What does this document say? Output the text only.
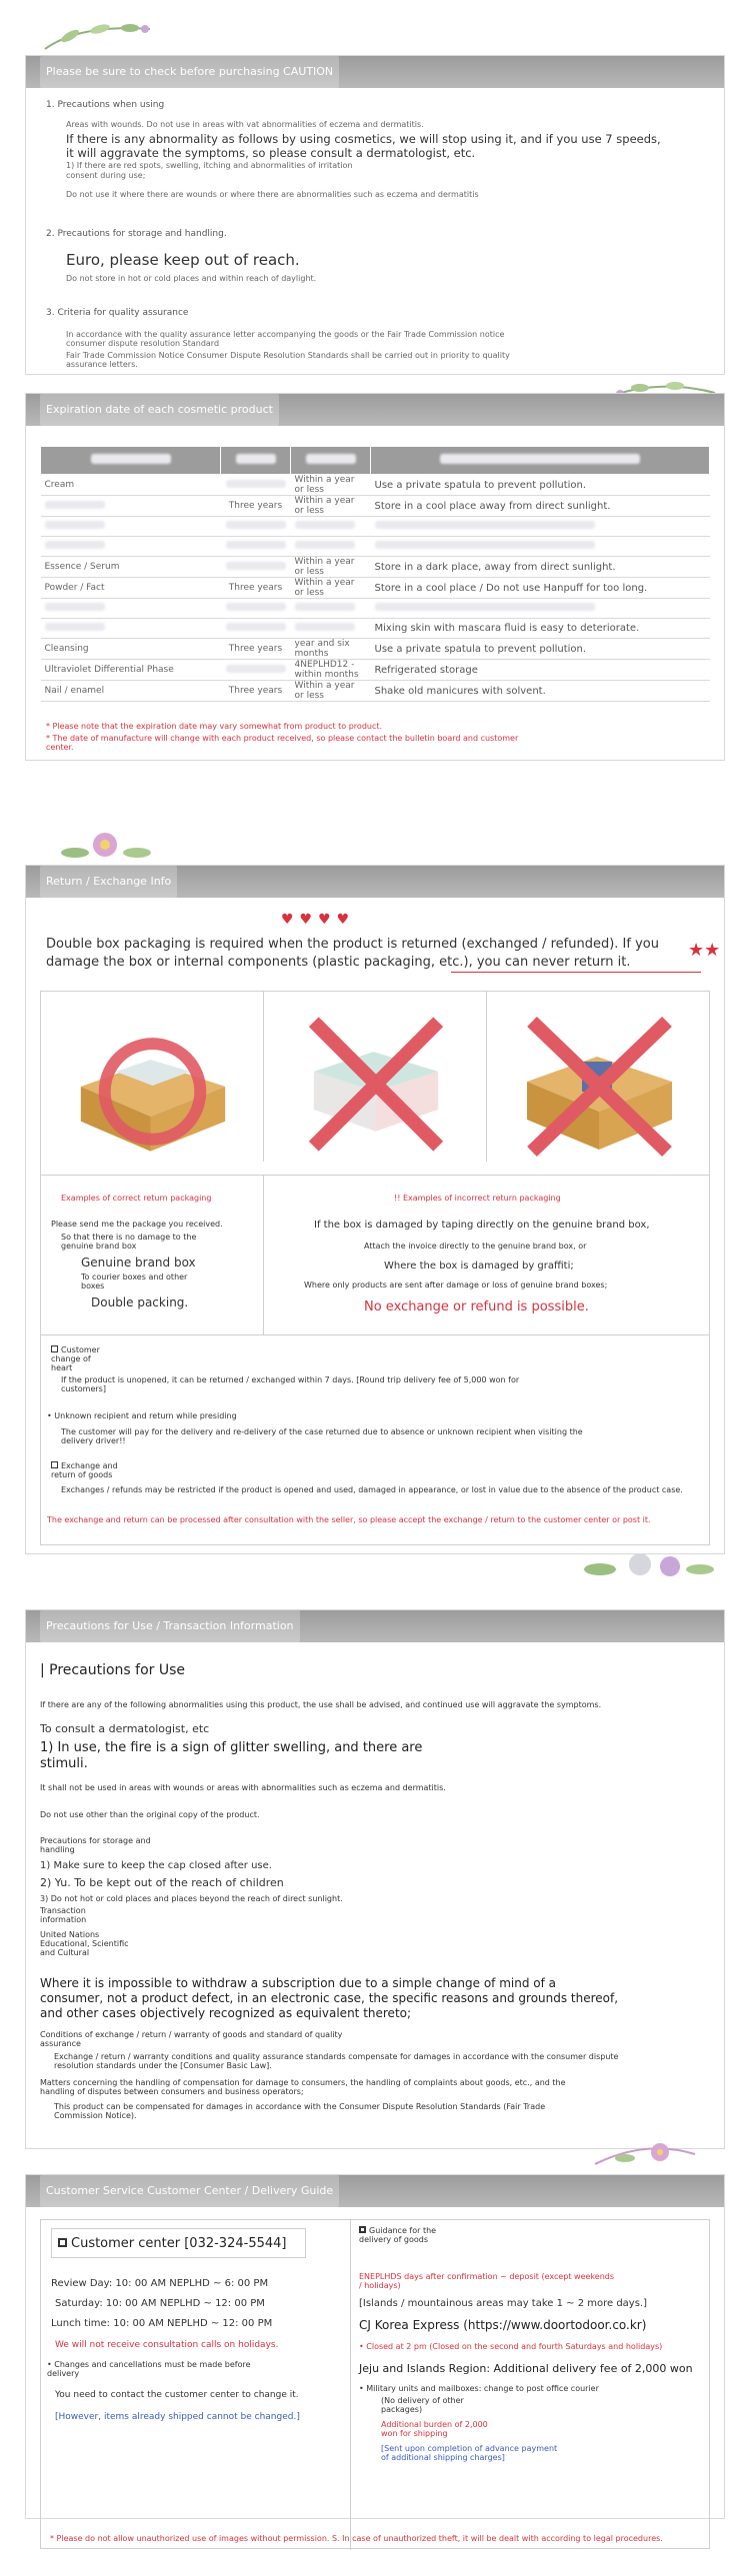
Please be sure to check before purchasing CAUTION
1. Precautions when using
Areas with wounds. Do not use in areas with vat abnormalities of eczema and dermatitis.
If there is any abnormality as follows by using cosmetics, we will stop using it, and if you use 7 speeds, it will aggravate the symptoms, so please consult a dermatologist, etc.
1) If there are red spots, swelling, itching and abnormalities of irritation
consent during use;
Do not use it where there are wounds or where there are abnormalities such as eczema and dermatitis
2. Precautions for storage and handling.
Euro, please keep out of reach.
Do not store in hot or cold places and within reach of daylight.
3. Criteria for quality assurance
In accordance with the quality assurance letter accompanying the goods or the Fair Trade Commission notice consumer dispute resolution Standard
Fair Trade Commission Notice Consumer Dispute Resolution Standards shall be carried out in priority to quality assurance letters.
Expiration date of each cosmetic product

Cream		Within a year or less	Use a private spatula to prevent pollution.
	Three years	Within a year or less	Store in a cool place away from direct sunlight.

Essence / Serum		Within a year or less	Store in a dark place, away from direct sunlight.
Powder / Fact	Three years	Within a year or less	Store in a cool place / Do not use Hanpuff for too long.

			Mixing skin with mascara fluid is easy to deteriorate.
Cleansing	Three years	year and six months	Use a private spatula to prevent pollution.
Ultraviolet Differential Phase		4NEPLHD12 - within months	Refrigerated storage
Nail / enamel	Three years	Within a year or less	Shake old manicures with solvent.
* Please note that the expiration date may vary somewhat from product to product.
* The date of manufacture will change with each product received, so please contact the bulletin board and customer center.
Return / Exchange Info
♥♥♥♥
Double box packaging is required when the product is returned (exchanged / refunded). If you damage the box or internal components (plastic packaging, etc.), you can never return it.
★★
Examples of correct return packaging
Please send me the package you received.
So that there is no damage to the genuine brand box
Genuine brand box
To courier boxes and other boxes
Double packing.
!! Examples of incorrect return packaging
If the box is damaged by taping directly on the genuine brand box,
Attach the invoice directly to the genuine brand box, or
Where the box is damaged by graffiti;
Where only products are sent after damage or loss of genuine brand boxes;
No exchange or refund is possible.
Customer change of heart
If the product is unopened, it can be returned / exchanged within 7 days. [Round trip delivery fee of 5,000 won for customers]
• Unknown recipient and return while presiding
The customer will pay for the delivery and re-delivery of the case returned due to absence or unknown recipient when visiting the delivery driver!!
Exchange and return of goods
Exchanges / refunds may be restricted if the product is opened and used, damaged in appearance, or lost in value due to the absence of the product case.
The exchange and return can be processed after consultation with the seller, so please accept the exchange / return to the customer center or post it.
Precautions for Use / Transaction Information
| Precautions for Use
If there are any of the following abnormalities using this product, the use shall be advised, and continued use will aggravate the symptoms.
To consult a dermatologist, etc
1) In use, the fire is a sign of glitter swelling, and there are stimuli.
It shall not be used in areas with wounds or areas with abnormalities such as eczema and dermatitis.
Do not use other than the original copy of the product.
Precautions for storage and handling
1) Make sure to keep the cap closed after use.
2) Yu. To be kept out of the reach of children
3) Do not hot or cold places and places beyond the reach of direct sunlight.
Transaction information
United Nations Educational, Scientific and Cultural
Where it is impossible to withdraw a subscription due to a simple change of mind of a consumer, not a product defect, in an electronic case, the specific reasons and grounds thereof, and other cases objectively recognized as equivalent thereto;
Conditions of exchange / return / warranty of goods and standard of quality assurance
Exchange / return / warranty conditions and quality assurance standards compensate for damages in accordance with the consumer dispute resolution standards under the [Consumer Basic Law].
Matters concerning the handling of compensation for damage to consumers, the handling of complaints about goods, etc., and the handling of disputes between consumers and business operators;
This product can be compensated for damages in accordance with the Consumer Dispute Resolution Standards (Fair Trade Commission Notice).
Customer Service Customer Center / Delivery Guide
Customer center [032-324-5544]
Review Day: 10: 00 AM NEPLHD ~ 6: 00 PM
Saturday: 10: 00 AM NEPLHD ~ 12: 00 PM
Lunch time: 10: 00 AM NEPLHD ~ 12: 00 PM
We will not receive consultation calls on holidays.
• Changes and cancellations must be made before delivery
You need to contact the customer center to change it.
[However, items already shipped cannot be changed.]
Guidance for the delivery of goods
ENEPLHDS days after confirmation ~ deposit (except weekends / holidays)
[Islands / mountainous areas may take 1 ~ 2 more days.]
CJ Korea Express (https://www.doortodoor.co.kr)
• Closed at 2 pm (Closed on the second and fourth Saturdays and holidays)
Jeju and Islands Region: Additional delivery fee of 2,000 won
• Military units and mailboxes: change to post office courier
(No delivery of other packages)
Additional burden of 2,000 won for shipping
[Sent upon completion of advance payment of additional shipping charges]
* Please do not allow unauthorized use of images without permission. S. In case of unauthorized theft, it will be dealt with according to legal procedures.
